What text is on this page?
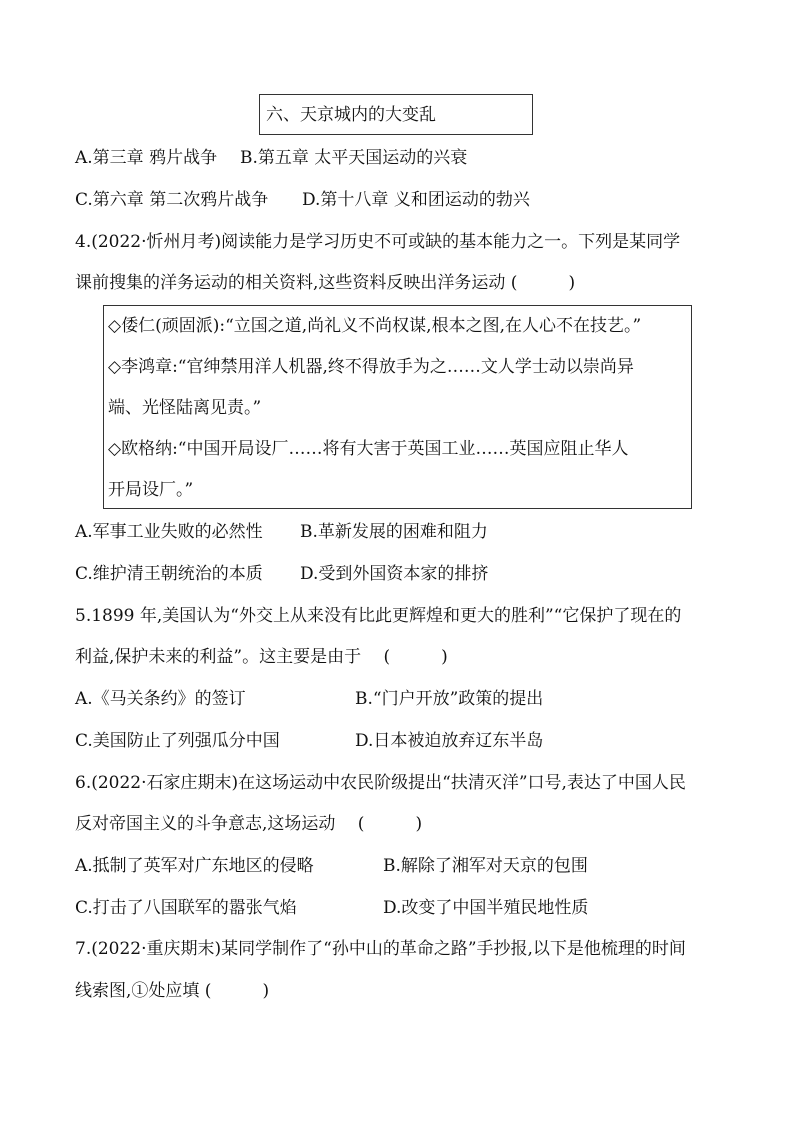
六、天京城内的大变乱
A.第三章 鸦片战争 B.第五章 太平天国运动的兴衰
C.第六章 第二次鸦片战争 D.第十八章 义和团运动的勃兴
4.(2022·忻州月考)阅读能力是学习历史不可或缺的基本能力之一。下列是某同学
课前搜集的洋务运动的相关资料,这些资料反映出洋务运动 (　　　)
◇倭仁(顽固派):“立国之道,尚礼义不尚权谋,根本之图,在人心不在技艺。”
◇李鸿章:“官绅禁用洋人机器,终不得放手为之……文人学士动以崇尚异
端、光怪陆离见责。”
◇欧格纳:“中国开局设厂……将有大害于英国工业……英国应阻止华人
开局设厂。”
A.军事工业失败的必然性 B.革新发展的困难和阻力
C.维护清王朝统治的本质 D.受到外国资本家的排挤
5.1899 年,美国认为“外交上从来没有比此更辉煌和更大的胜利”“它保护了现在的
利益,保护未来的利益”。这主要是由于　 (　　　)
A.《马关条约》的签订	B.“门户开放”政策的提出
C.美国防止了列强瓜分中国	D.日本被迫放弃辽东半岛
6.(2022·石家庄期末)在这场运动中农民阶级提出“扶清灭洋”口号,表达了中国人民
反对帝国主义的斗争意志,这场运动　 (　　　)
A.抵制了英军对广东地区的侵略	B.解除了湘军对天京的包围
C.打击了八国联军的嚣张气焰	D.改变了中国半殖民地性质
7.(2022·重庆期末)某同学制作了“孙中山的革命之路”手抄报,以下是他梳理的时间
线索图,①处应填 (　　　)
